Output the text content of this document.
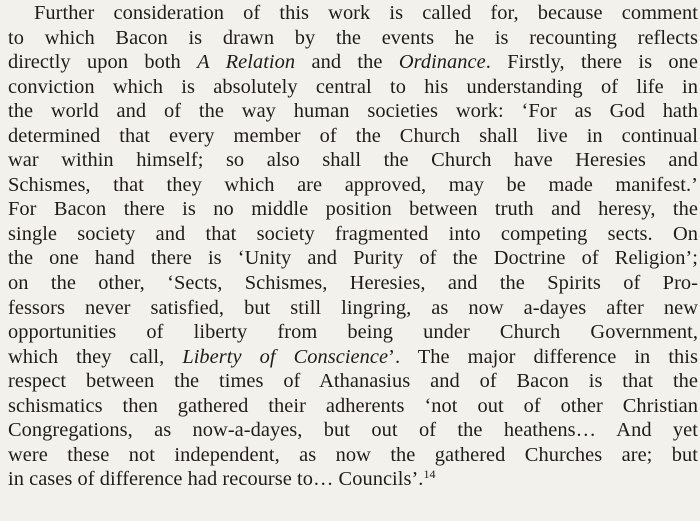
Further consideration of this work is called for, because comment
to which Bacon is drawn by the events he is recounting reflects
directly upon both A Relation and the Ordinance. Firstly, there is one
conviction which is absolutely central to his understanding of life in
the world and of the way human societies work: ‘For as God hath
determined that every member of the Church shall live in continual
war within himself; so also shall the Church have Heresies and
Schismes, that they which are approved, may be made manifest.’
For Bacon there is no middle position between truth and heresy, the
single society and that society fragmented into competing sects. On
the one hand there is ‘Unity and Purity of the Doctrine of Religion’;
on the other, ‘Sects, Schismes, Heresies, and the Spirits of Pro-
fessors never satisfied, but still lingring, as now a-dayes after new
opportunities of liberty from being under Church Government,
which they call, Liberty of Conscience’. The major difference in this
respect between the times of Athanasius and of Bacon is that the
schismatics then gathered their adherents ‘not out of other Christian
Congregations, as now-a-dayes, but out of the heathens… And yet
were these not independent, as now the gathered Churches are; but
in cases of difference had recourse to… Councils’.$^{14}$
